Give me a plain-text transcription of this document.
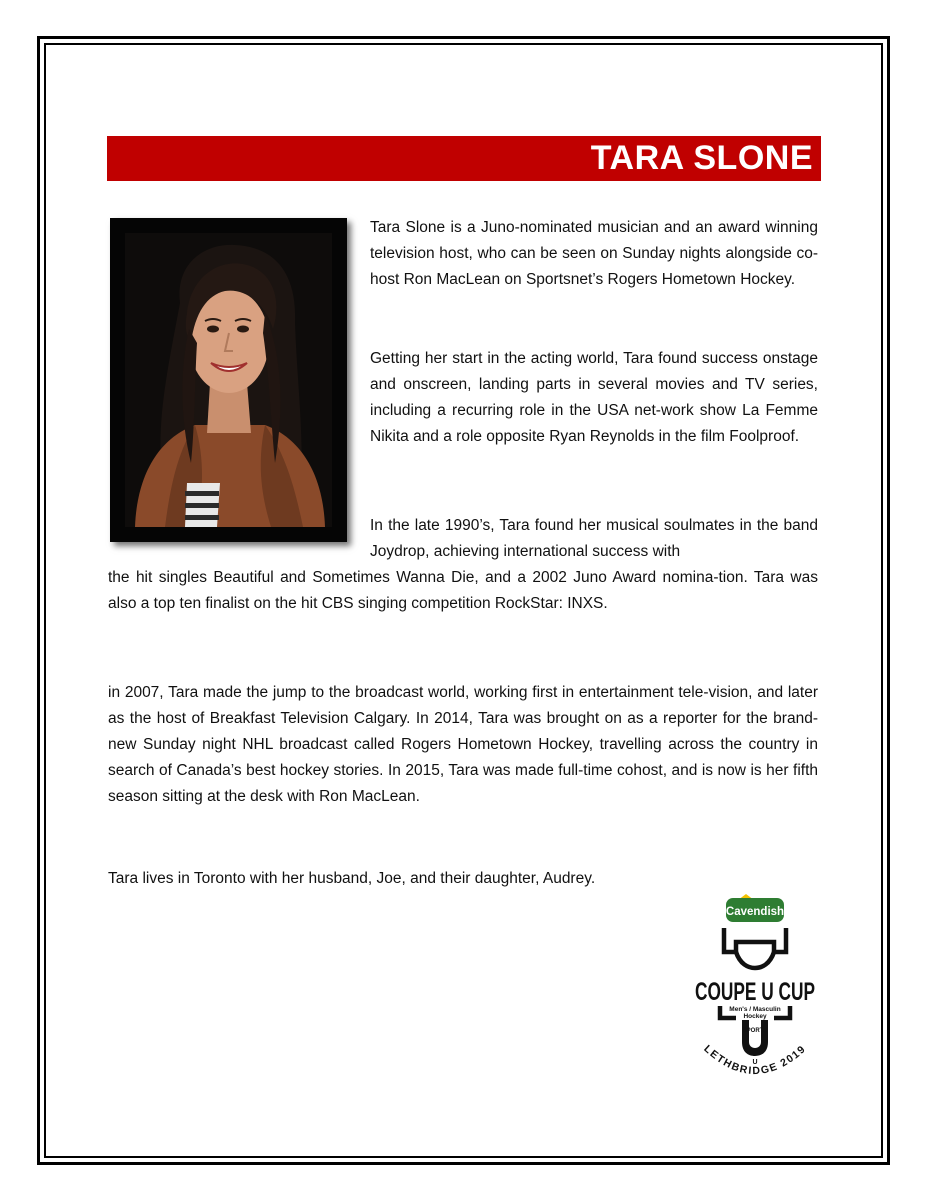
TARA SLONE

Tara Slone is a Juno-nominated musician and an award winning television host, who can be seen on Sunday nights alongside co-host Ron MacLean on Sportsnet’s Rogers Hometown Hockey.

Getting her start in the acting world, Tara found success onstage and onscreen, landing parts in several movies and TV series, including a recurring role in the USA net-work show La Femme Nikita and a role opposite Ryan Reynolds in the film Foolproof.

In the late 1990’s, Tara found her musical soulmates in the band Joydrop, achieving international success with

the hit singles Beautiful and Sometimes Wanna Die, and a 2002 Juno Award nomina-tion. Tara was also a top ten finalist on the hit CBS singing competition RockStar: INXS.

in 2007, Tara made the jump to the broadcast world, working first in entertainment tele-vision, and later as the host of Breakfast Television Calgary. In 2014, Tara was brought on as a reporter for the brand-new Sunday night NHL broadcast called Rogers Hometown Hockey, travelling across the country in search of Canada’s best hockey stories. In 2015, Tara was made full-time cohost, and is now is her fifth season sitting at the desk with Ron MacLean.

Tara lives in Toronto with her husband, Joe, and their daughter, Audrey.

Cavendish
COUPE U CUP
Men's / Masculin
Hockey
SPORTS
U
LETHBRIDGE 2019
